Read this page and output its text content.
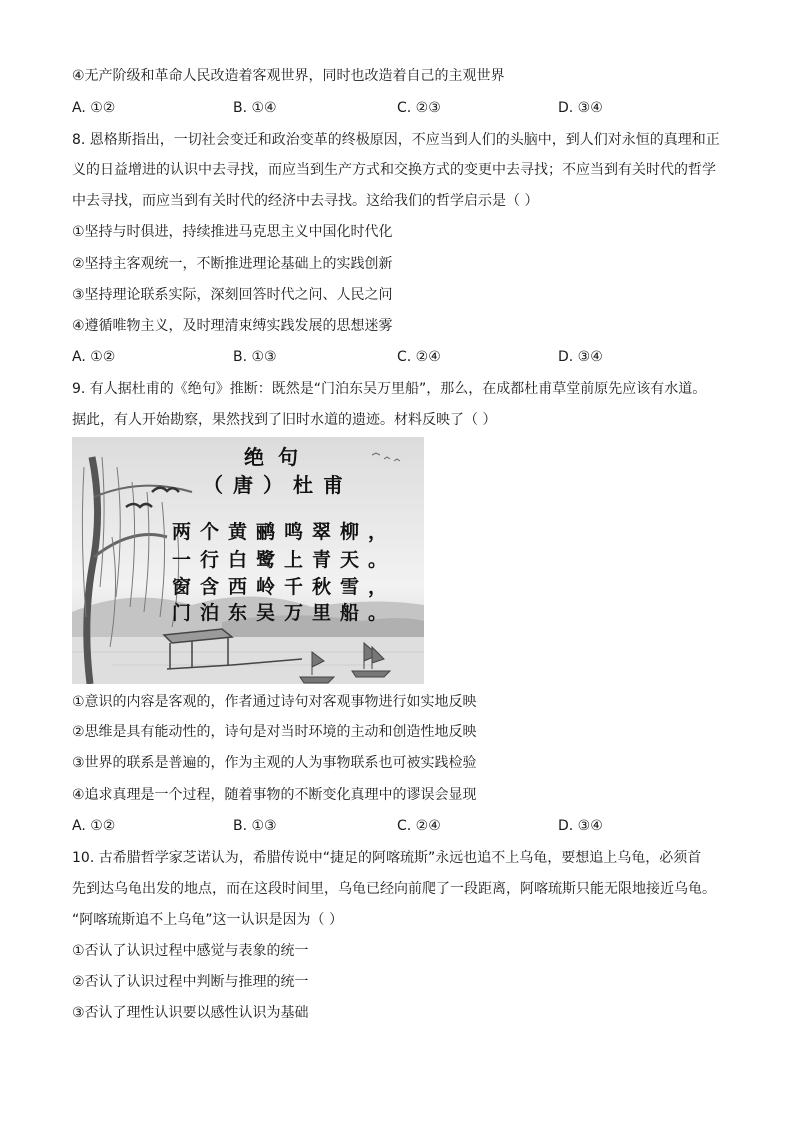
④无产阶级和革命人民改造着客观世界，同时也改造着自己的主观世界
A. ①②	B. ①④	C. ②③	D. ③④
8. 恩格斯指出，一切社会变迁和政治变革的终极原因，不应当到人们的头脑中，到人们对永恒的真理和正
义的日益增进的认识中去寻找，而应当到生产方式和交换方式的变更中去寻找；不应当到有关时代的哲学
中去寻找，而应当到有关时代的经济中去寻找。这给我们的哲学启示是（ ）
①坚持与时俱进，持续推进马克思主义中国化时代化
②坚持主客观统一，不断推进理论基础上的实践创新
③坚持理论联系实际，深刻回答时代之问、人民之问
④遵循唯物主义，及时理清束缚实践发展的思想迷雾
A. ①②	B. ①③	C. ②④	D. ③④
9. 有人据杜甫的《绝句》推断：既然是“门泊东吴万里船”，那么，在成都杜甫草堂前原先应该有水道。
据此，有人开始勘察，果然找到了旧时水道的遗迹。材料反映了（ ）
绝句
（唐）杜甫
两个黄鹂鸣翠柳，
一行白鹭上青天。
窗含西岭千秋雪，
门泊东吴万里船。
①意识的内容是客观的，作者通过诗句对客观事物进行如实地反映
②思维是具有能动性的，诗句是对当时环境的主动和创造性地反映
③世界的联系是普遍的，作为主观的人为事物联系也可被实践检验
④追求真理是一个过程，随着事物的不断变化真理中的谬误会显现
A. ①②	B. ①③	C. ②④	D. ③④
10. 古希腊哲学家芝诺认为，希腊传说中“捷足的阿喀琉斯”永远也追不上乌龟，要想追上乌龟，必须首
先到达乌龟出发的地点，而在这段时间里，乌龟已经向前爬了一段距离，阿喀琉斯只能无限地接近乌龟。
“阿喀琉斯追不上乌龟”这一认识是因为（ ）
①否认了认识过程中感觉与表象的统一
②否认了认识过程中判断与推理的统一
③否认了理性认识要以感性认识为基础
